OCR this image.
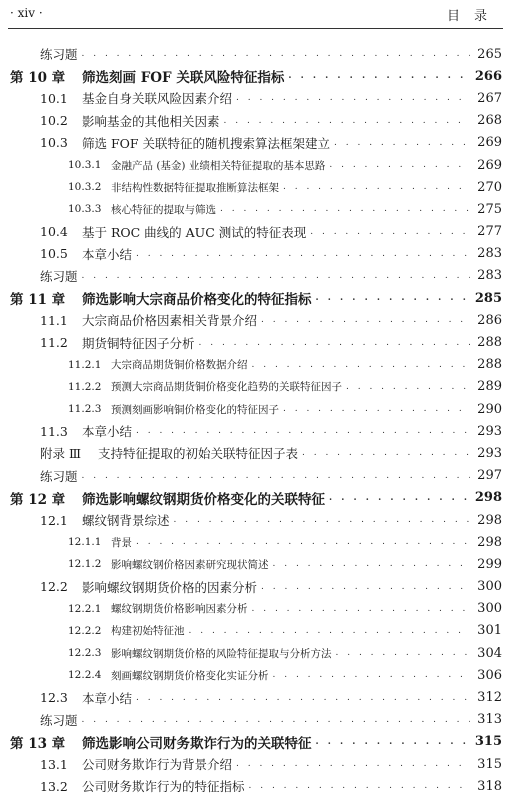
· xiv ·	目录
练习题 . . .	265
第 10 章	筛选刻画 FOF 关联风险特征指标 . . .	266
10.1	基金自身关联风险因素介绍 . . .	267
10.2	影响基金的其他相关因素 . . .	268
10.3	筛选 FOF 关联特征的随机搜索算法框架建立 . . .	269
10.3.1 金融产品 (基金) 业绩相关特征提取的基本思路 . . .	269
10.3.2 非结构性数据特征提取推断算法框架 . . .	270
10.3.3 核心特征的提取与筛选 . . .	275
10.4	基于 ROC 曲线的 AUC 测试的特征表现 . . .	277
10.5	本章小结 . . .	283
练习题 . . .	283
第 11 章	筛选影响大宗商品价格变化的特征指标 . . .	285
11.1	大宗商品价格因素相关背景介绍 . . .	286
11.2	期货铜特征因子分析 . . .	288
11.2.1 大宗商品期货铜价格数据介绍 . . .	288
11.2.2 预测大宗商品期货铜价格变化趋势的关联特征因子 . . .	289
11.2.3 预测刻画影响铜价格变化的特征因子 . . .	290
11.3	本章小结 . . .	293
附录 Ⅲ	支持特征提取的初始关联特征因子表 . . .	293
练习题 . . .	297
第 12 章	筛选影响螺纹钢期货价格变化的关联特征 . . .	298
12.1	螺纹钢背景综述 . . .	298
12.1.1 背景 . . .	298
12.1.2 影响螺纹钢价格因素研究现状简述 . . .	299
12.2	影响螺纹钢期货价格的因素分析 . . .	300
12.2.1 螺纹钢期货价格影响因素分析 . . .	300
12.2.2 构建初始特征池 . . .	301
12.2.3 影响螺纹钢期货价格的风险特征提取与分析方法 . . .	304
12.2.4 刻画螺纹钢期货价格变化实证分析 . . .	306
12.3	本章小结 . . .	312
练习题 . . .	313
第 13 章	筛选影响公司财务欺诈行为的关联特征 . . .	315
13.1	公司财务欺诈行为背景介绍 . . .	315
13.2	公司财务欺诈行为的特征指标 . . .	318
